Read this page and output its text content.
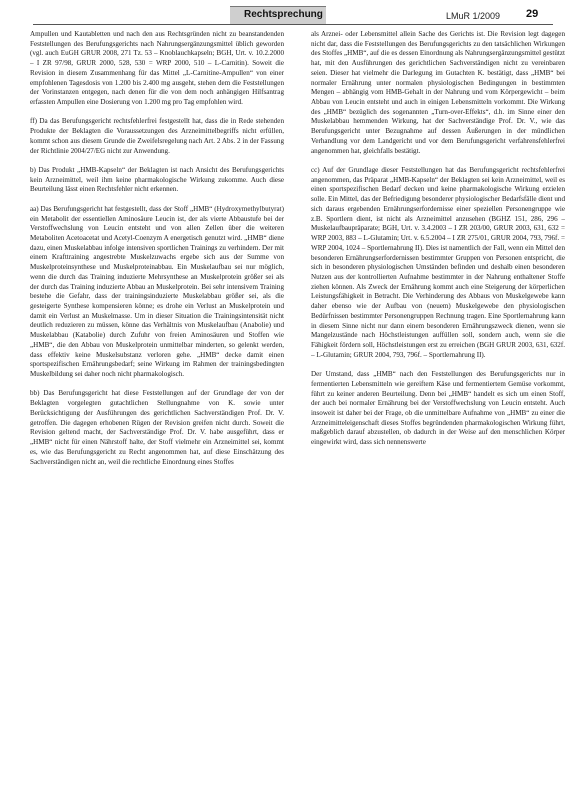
Rechtsprechung	LMuR 1/2009 29

Ampullen und Kautabletten und nach den aus Rechtsgründen nicht zu beanstandenden Feststellungen des Berufungsgerichts nach Nahrungsergänzungsmittel üblich geworden (vgl. auch EuGH GRUR 2008, 271 Tz. 53 – Knoblauchkapseln; BGH, Urt. v. 10.2.2000 – I ZR 97/98, GRUR 2000, 528, 530 = WRP 2000, 510 – L-Carnitin). Soweit die Revision in diesem Zusammenhang für das Mittel „L-Carnitine-Ampullen“ von einer empfohlenen Tagesdosis von 1.200 bis 2.400 mg ausgeht, stehen dem die Feststellungen der Vorinstanzen entgegen, nach denen für die von dem noch anhängigen Hilfsantrag erfassten Ampullen eine Dosierung von 1.200 mg pro Tag empfohlen wird.

ff) Da das Berufungsgericht rechtsfehlerfrei festgestellt hat, dass die in Rede stehenden Produkte der Beklagten die Voraussetzungen des Arzneimittelbegriffs nicht erfüllen, kommt schon aus diesem Grunde die Zweifelsregelung nach Art. 2 Abs. 2 in der Fassung der Richtlinie 2004/27/EG nicht zur Anwendung.

b) Das Produkt „HMB-Kapseln“ der Beklagten ist nach Ansicht des Berufungsgerichts kein Arzneimittel, weil ihm keine pharmakologische Wirkung zukomme. Auch diese Beurteilung lässt einen Rechtsfehler nicht erkennen.

aa) Das Berufungsgericht hat festgestellt, dass der Stoff „HMB“ (Hydroxymethylbutyrat) ein Metabolit der essentiellen Aminosäure Leucin ist, der als vierte Abbaustufe bei der Verstoffwechslung von Leucin entsteht und von allen Zellen über die weiteren Metaboliten Acetoacetat und Acetyl-Coenzym A energetisch genutzt wird. „HMB“ diene dazu, einen Muskelabbau infolge intensiven sportlichen Trainings zu verhindern. Der mit einem Krafttraining angestrebte Muskelzuwachs ergebe sich aus der Summe von Muskelproteinsynthese und Muskelproteinabbau. Ein Muskelaufbau sei nur möglich, wenn die durch das Training induzierte Mehrsynthese an Muskelprotein größer sei als der durch das Training induzierte Abbau an Muskelprotein. Bei sehr intensivem Training bestehe die Gefahr, dass der trainingsinduzierte Muskelabbau größer sei, als die gesteigerte Synthese kompensieren könne; es drohe ein Verlust an Muskelprotein und damit ein Verlust an Muskelmasse. Um in dieser Situation die Trainingsintensität nicht deutlich reduzieren zu müssen, könne das Verhältnis von Muskelaufbau (Anabolie) und Muskelabbau (Katabolie) durch Zufuhr von freien Aminosäuren und Stoffen wie „HMB“, die den Abbau von Muskelprotein unmittelbar minderten, so gelenkt werden, dass effektiv keine Muskelsubstanz verloren gehe. „HMB“ decke damit einen sportspezifischen Ernährungsbedarf; seine Wirkung im Rahmen der trainingsbedingten Muskelbildung sei daher noch nicht pharmakologisch.

bb) Das Berufungsgericht hat diese Feststellungen auf der Grundlage der von der Beklagten vorgelegten gutachtlichen Stellungnahme von K. sowie unter Berücksichtigung der Ausführungen des gerichtlichen Sachverständigen Prof. Dr. V. getroffen. Die dagegen erhobenen Rügen der Revision greifen nicht durch. Soweit die Revision geltend macht, der Sachverständige Prof. Dr. V. habe ausgeführt, dass er „HMB“ nicht für einen Nährstoff halte, der Stoff vielmehr ein Arzneimittel sei, kommt es, wie das Berufungsgericht zu Recht angenommen hat, auf diese Einschätzung des Sachverständigen nicht an, weil die rechtliche Einordnung eines Stoffes

als Arznei- oder Lebensmittel allein Sache des Gerichts ist. Die Revision legt dagegen nicht dar, dass die Feststellungen des Berufungsgerichts zu den tatsächlichen Wirkungen des Stoffes „HMB“, auf die es dessen Einordnung als Nahrungsergänzungsmittel gestützt hat, mit den Ausführungen des gerichtlichen Sachverständigen nicht zu vereinbaren seien. Dieser hat vielmehr die Darlegung im Gutachten K. bestätigt, dass „HMB“ bei normaler Ernährung unter normalen physiologischen Bedingungen in bestimmten Mengen – abhängig vom HMB-Gehalt in der Nahrung und vom Körpergewicht – beim Abbau von Leucin entsteht und auch in einigen Lebensmitteln vorkommt. Die Wirkung des „HMB“ bezüglich des sogenannten „Turn-over-Effekts“, d.h. im Sinne einer den Muskelabbau hemmenden Wirkung, hat der Sachverständige Prof. Dr. V., wie das Berufungsgericht unter Bezugnahme auf dessen Äußerungen in der mündlichen Verhandlung vor dem Landgericht und vor dem Berufungsgericht verfahrensfehlerfrei angenommen hat, gleichfalls bestätigt.

cc) Auf der Grundlage dieser Feststellungen hat das Berufungsgericht rechtsfehlerfrei angenommen, das Präparat „HMB-Kapseln“ der Beklagten sei kein Arzneimittel, weil es einen sportspezifischen Bedarf decken und keine pharmakologische Wirkung erzielen solle. Ein Mittel, das der Befriedigung besonderer physiologischer Bedarfsfälle dient und sich daraus ergebenden Ernährungserfordernisse einer speziellen Personengruppe wie z.B. Sportlern dient, ist nicht als Arzneimittel anzusehen (BGHZ 151, 286, 296 – Muskelaufbaupräparate; BGH, Urt. v. 3.4.2003 – I ZR 203/00, GRUR 2003, 631, 632 = WRP 2003, 883 – L-Glutamin; Urt. v. 6.5.2004 – I ZR 275/01, GRUR 2004, 793, 796f. = WRP 2004, 1024 – Sportlernahrung II). Dies ist namentlich der Fall, wenn ein Mittel den besonderen Ernährungserfordernissen bestimmter Gruppen von Personen entspricht, die sich in besonderen physiologischen Umständen befinden und deshalb einen besonderen Nutzen aus der kontrollierten Aufnahme bestimmter in der Nahrung enthaltener Stoffe ziehen können. Als Zweck der Ernährung kommt auch eine Steigerung der körperlichen Leistungsfähigkeit in Betracht. Die Verhinderung des Abbaus von Muskelgewebe kann daher ebenso wie der Aufbau von (neuem) Muskelgewebe den physiologischen Bedürfnissen bestimmter Personengruppen Rechnung tragen. Eine Sportlernahrung kann in diesem Sinne nicht nur dann einem besonderen Ernährungszweck dienen, wenn sie Mangelzustände nach Höchstleistungen auffüllen soll, sondern auch, wenn sie die Fähigkeit fördern soll, Höchstleistungen erst zu erreichen (BGH GRUR 2003, 631, 632f. – L-Glutamin; GRUR 2004, 793, 796f. – Sportlernahrung II).

Der Umstand, dass „HMB“ nach den Feststellungen des Berufungsgerichts nur in fermentierten Lebensmitteln wie gereiftem Käse und fermentiertem Gemüse vorkommt, führt zu keiner anderen Beurteilung. Denn bei „HMB“ handelt es sich um einen Stoff, der auch bei normaler Ernährung bei der Verstoffwechslung von Leucin entsteht. Auch insoweit ist daher bei der Frage, ob die unmittelbare Aufnahme von „HMB“ zu einer die Arzneimitteleigenschaft dieses Stoffes begründenden pharmakologischen Wirkung führt, maßgeblich darauf abzustellen, ob dadurch in der Weise auf den menschlichen Körper eingewirkt wird, dass sich nennenswerte
